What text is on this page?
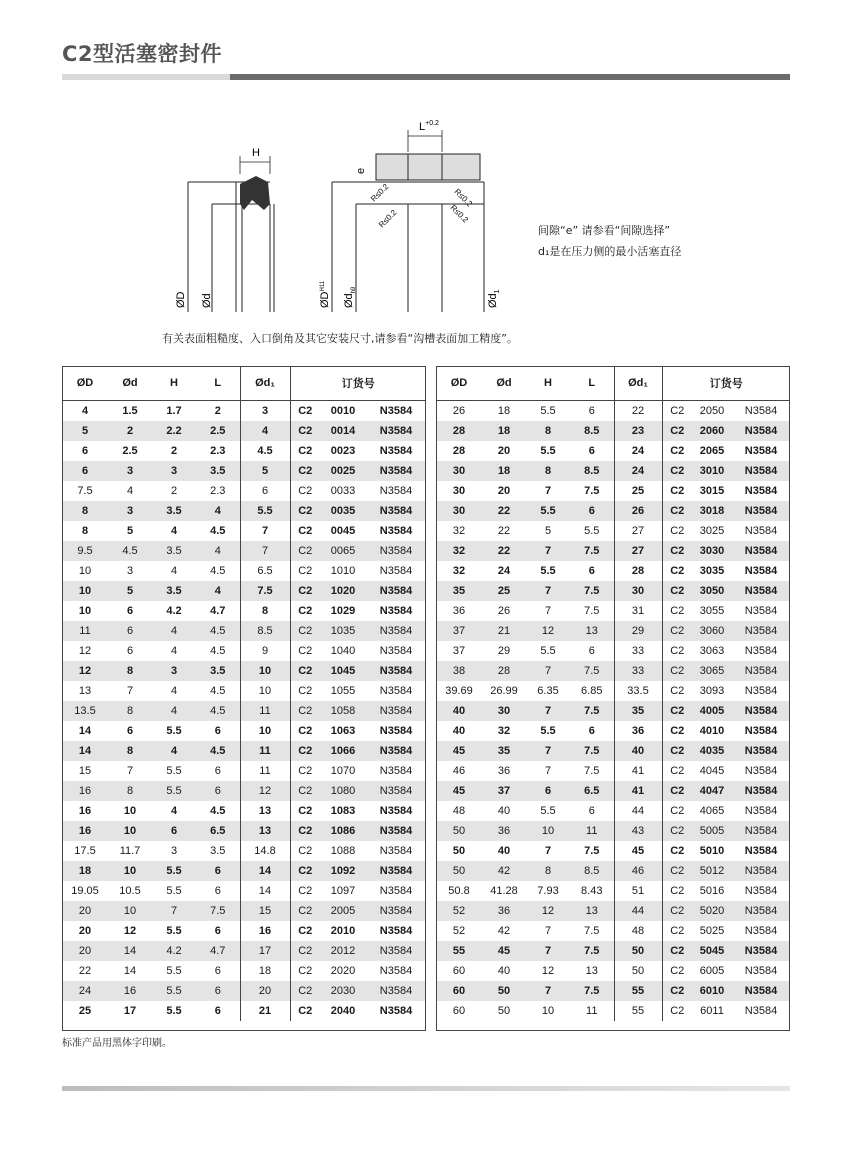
C2型活塞密封件
H
ØD Ød
$L^{+0.2}$
e
R≤0.2
R≤0.2
R≤0.2
R≤0.2
$ØD^{H11}$
$Ød_{h9}$
$Ød_1$
间隙“e” 请参看“间隙选择”
d₁是在压力侧的最小活塞直径
有关表面粗糙度、入口倒角及其它安装尺寸,请参看“沟槽表面加工精度”。
ØD	Ød	H	L	Ød₁	订货号		
4	1.5	1.7	2	3	C2	0010	N3584
5	2	2.2	2.5	4	C2	0014	N3584
6	2.5	2	2.3	4.5	C2	0023	N3584
6	3	3	3.5	5	C2	0025	N3584
7.5	4	2	2.3	6	C2	0033	N3584
8	3	3.5	4	5.5	C2	0035	N3584
8	5	4	4.5	7	C2	0045	N3584
9.5	4.5	3.5	4	7	C2	0065	N3584
10	3	4	4.5	6.5	C2	1010	N3584
10	5	3.5	4	7.5	C2	1020	N3584
10	6	4.2	4.7	8	C2	1029	N3584
11	6	4	4.5	8.5	C2	1035	N3584
12	6	4	4.5	9	C2	1040	N3584
12	8	3	3.5	10	C2	1045	N3584
13	7	4	4.5	10	C2	1055	N3584
13.5	8	4	4.5	11	C2	1058	N3584
14	6	5.5	6	10	C2	1063	N3584
14	8	4	4.5	11	C2	1066	N3584
15	7	5.5	6	11	C2	1070	N3584
16	8	5.5	6	12	C2	1080	N3584
16	10	4	4.5	13	C2	1083	N3584
16	10	6	6.5	13	C2	1086	N3584
17.5	11.7	3	3.5	14.8	C2	1088	N3584
18	10	5.5	6	14	C2	1092	N3584
19.05	10.5	5.5	6	14	C2	1097	N3584
20	10	7	7.5	15	C2	2005	N3584
20	12	5.5	6	16	C2	2010	N3584
20	14	4.2	4.7	17	C2	2012	N3584
22	14	5.5	6	18	C2	2020	N3584
24	16	5.5	6	20	C2	2030	N3584
25	17	5.5	6	21	C2	2040	N3584
ØD	Ød	H	L	Ød₁	订货号		
26	18	5.5	6	22	C2	2050	N3584
28	18	8	8.5	23	C2	2060	N3584
28	20	5.5	6	24	C2	2065	N3584
30	18	8	8.5	24	C2	3010	N3584
30	20	7	7.5	25	C2	3015	N3584
30	22	5.5	6	26	C2	3018	N3584
32	22	5	5.5	27	C2	3025	N3584
32	22	7	7.5	27	C2	3030	N3584
32	24	5.5	6	28	C2	3035	N3584
35	25	7	7.5	30	C2	3050	N3584
36	26	7	7.5	31	C2	3055	N3584
37	21	12	13	29	C2	3060	N3584
37	29	5.5	6	33	C2	3063	N3584
38	28	7	7.5	33	C2	3065	N3584
39.69	26.99	6.35	6.85	33.5	C2	3093	N3584
40	30	7	7.5	35	C2	4005	N3584
40	32	5.5	6	36	C2	4010	N3584
45	35	7	7.5	40	C2	4035	N3584
46	36	7	7.5	41	C2	4045	N3584
45	37	6	6.5	41	C2	4047	N3584
48	40	5.5	6	44	C2	4065	N3584
50	36	10	11	43	C2	5005	N3584
50	40	7	7.5	45	C2	5010	N3584
50	42	8	8.5	46	C2	5012	N3584
50.8	41.28	7.93	8.43	51	C2	5016	N3584
52	36	12	13	44	C2	5020	N3584
52	42	7	7.5	48	C2	5025	N3584
55	45	7	7.5	50	C2	5045	N3584
60	40	12	13	50	C2	6005	N3584
60	50	7	7.5	55	C2	6010	N3584
60	50	10	11	55	C2	6011	N3584
标准产品用黑体字印刷。
